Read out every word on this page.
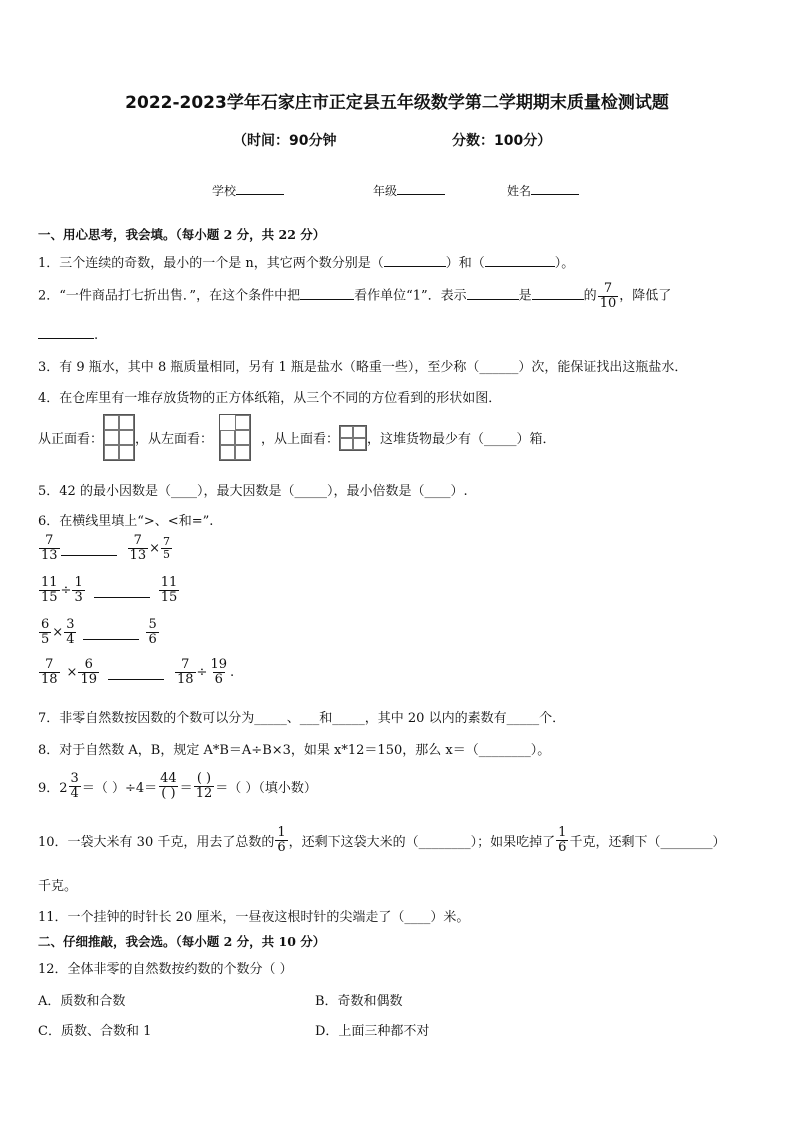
2022-2023学年石家庄市正定县五年级数学第二学期期末质量检测试题
（时间：90分钟	分数：100分）
学校	年级	姓名
一、用心思考，我会填。（每小题 2 分，共 22 分）
1．三个连续的奇数，最小的一个是 n，其它两个数分别是（	）和（	）。
2．“一件商品打七折出售．”，在这个条件中把	看作单位“1”．表示	是	的 $\frac{7}{10}$ ，降低了
.
3．有 9 瓶水，其中 8 瓶质量相同，另有 1 瓶是盐水（略重一些），至少称（______）次，能保证找出这瓶盐水．
4．在仓库里有一堆存放货物的正方体纸箱，从三个不同的方位看到的形状如图．
从正面看： ，从左面看：	，从上面看： ，这堆货物最少有（_____）箱．
5．42 的最小因数是（____），最大因数是（_____），最小倍数是（____）.
6．在横线里填上“>、<和=”.
$\frac{7}{13}$	$\frac{7}{13} \times \frac{7}{5}$
$\frac{11}{15} \div \frac{1}{3}$	$\frac{11}{15}$
$\frac{6}{5} \times \frac{3}{4}$	$\frac{5}{6}$
$\frac{7}{18} \times \frac{6}{19}$	$\frac{7}{18} \div \frac{19}{6}$ .
7．非零自然数按因数的个数可以分为_____、___和_____，其中 20 以内的素数有_____个．
8．对于自然数 A，B，规定 A*B＝A÷B×3，如果 x*12＝150，那么 x＝（________）。
9．$2 \frac{3}{4}$ ＝（ ）$\div 4= \frac{44}{( )} = \frac{( )}{12}$ ＝（ ）（填小数）
10．一袋大米有 30 千克，用去了总数的 $\frac{1}{6}$ ，还剩下这袋大米的（________）；如果吃掉了 $\frac{1}{6}$ 千克，还剩下（________）
千克。
11．一个挂钟的时针长 20 厘米，一昼夜这根时针的尖端走了（____）米。
二、仔细推敲，我会选。（每小题 2 分，共 10 分）
12．全体非零的自然数按约数的个数分（ ）
A．质数和合数	B．奇数和偶数
C．质数、合数和 1	D．上面三种都不对
